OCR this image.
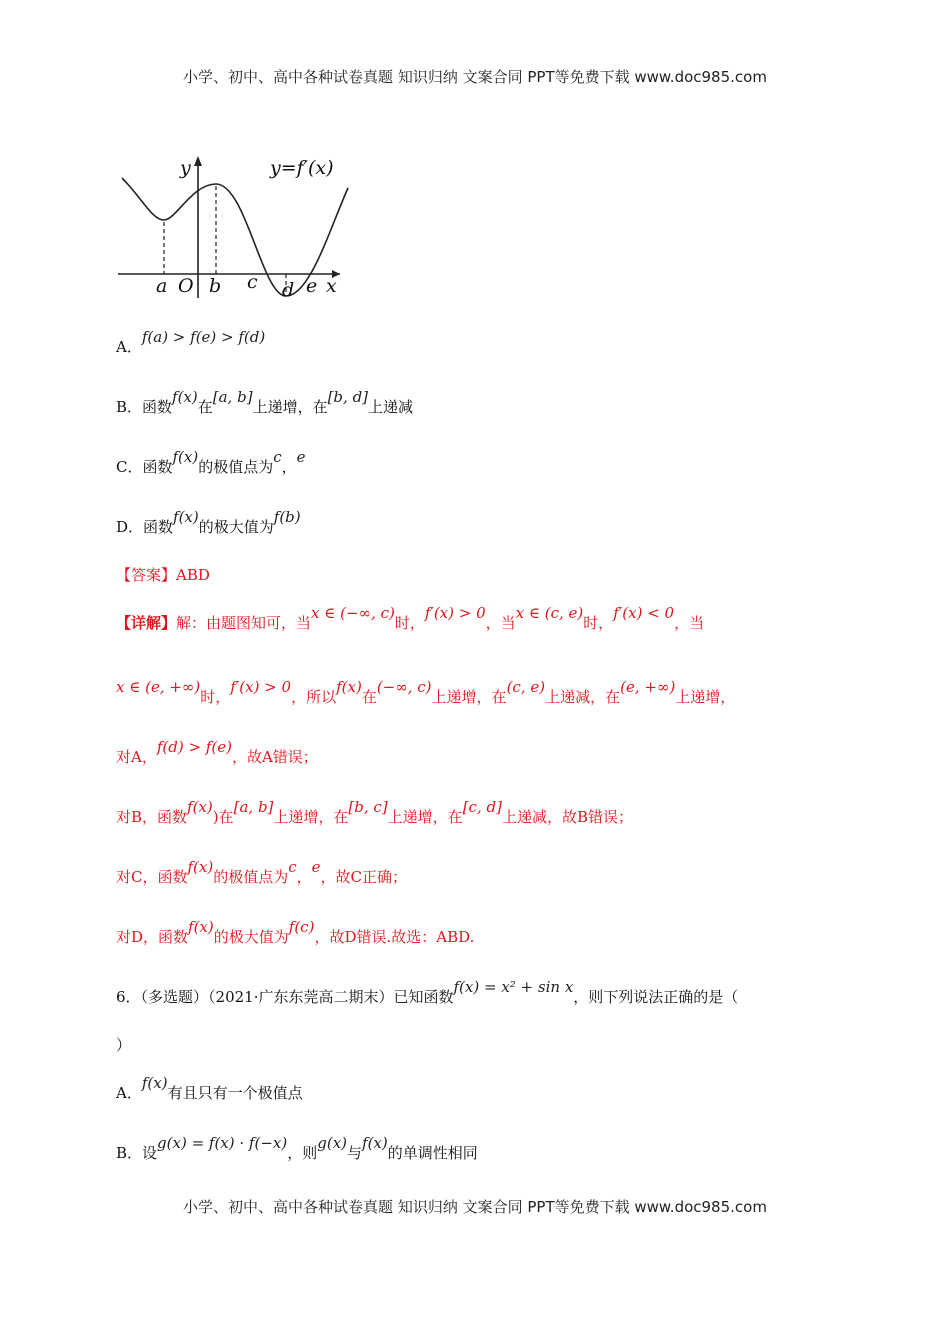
小学、初中、高中各种试卷真题 知识归纳 文案合同 PPT等免费下载 www.doc985.com
y=f′(x)
y
x
O
a b c d e
A．f(a) > f(e) > f(d)
B．函数f(x)在[a, b]上递增，在[b, d]上递减
C．函数f(x)的极值点为c，e
D．函数f(x)的极大值为f(b)
【答案】ABD
【详解】解：由题图知可，当x ∈ (−∞, c)时，f′(x) > 0，当x ∈ (c, e)时，f′(x) < 0，当
x ∈ (e, +∞)时，f′(x) > 0，所以f(x)在(−∞, c)上递增，在(c, e)上递减，在(e, +∞)上递增，
对A，f(d) > f(e)，故A错误；
对B，函数f(x))在[a, b]上递增，在[b, c]上递增，在[c, d]上递减，故B错误；
对C，函数f(x)的极值点为c，e，故C正确；
对D，函数f(x)的极大值为f(c)，故D错误.故选：ABD.
6．（多选题）（2021·广东东莞高二期末）已知函数f(x) = x² + sin x，则下列说法正确的是（
）
A．f(x)有且只有一个极值点
B．设g(x) = f(x) · f(−x)，则g(x)与f(x)的单调性相同
小学、初中、高中各种试卷真题 知识归纳 文案合同 PPT等免费下载 www.doc985.com
